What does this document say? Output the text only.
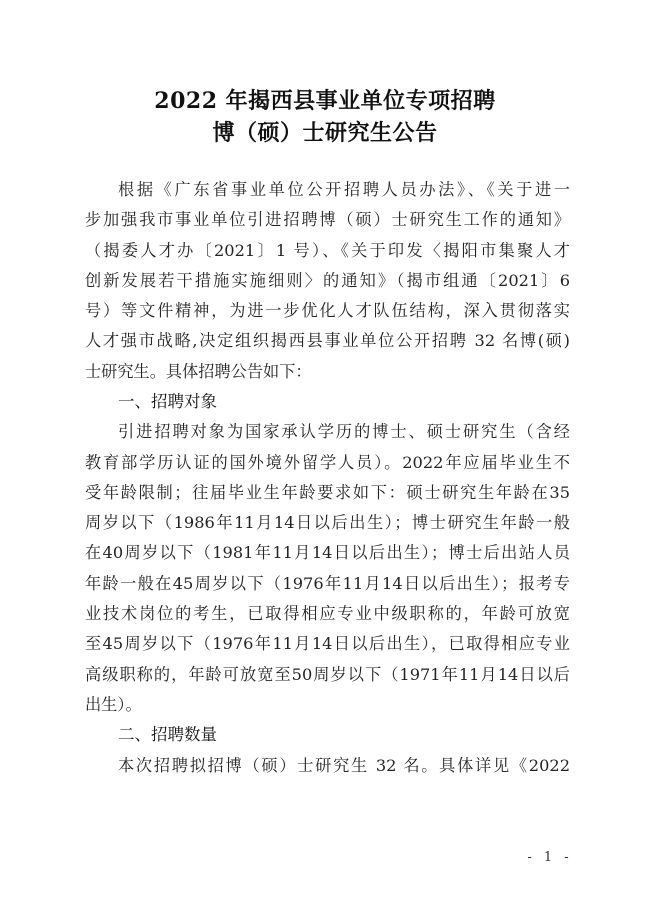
2022 年揭西县事业单位专项招聘
博（硕）士研究生公告
根据《广东省事业单位公开招聘人员办法》、《关于进一
步加强我市事业单位引进招聘博（硕）士研究生工作的通知》
（揭委人才办〔2021〕1 号）、《关于印发〈揭阳市集聚人才
创新发展若干措施实施细则〉的通知》（揭市组通〔2021〕6
号）等文件精神，为进一步优化人才队伍结构，深入贯彻落实
人才强市战略,决定组织揭西县事业单位公开招聘 32 名博(硕)
士研究生。具体招聘公告如下：
一、招聘对象
引进招聘对象为国家承认学历的博士、硕士研究生（含经
教育部学历认证的国外境外留学人员）。2022年应届毕业生不
受年龄限制；往届毕业生年龄要求如下：硕士研究生年龄在35
周岁以下（1986年11月14日以后出生）；博士研究生年龄一般
在40周岁以下（1981年11月14日以后出生）；博士后出站人员
年龄一般在45周岁以下（1976年11月14日以后出生）；报考专
业技术岗位的考生，已取得相应专业中级职称的，年龄可放宽
至45周岁以下（1976年11月14日以后出生），已取得相应专业
高级职称的，年龄可放宽至50周岁以下（1971年11月14日以后
出生）。
二、招聘数量
本次招聘拟招博（硕）士研究生 32 名。具体详见《2022
- 1 -
